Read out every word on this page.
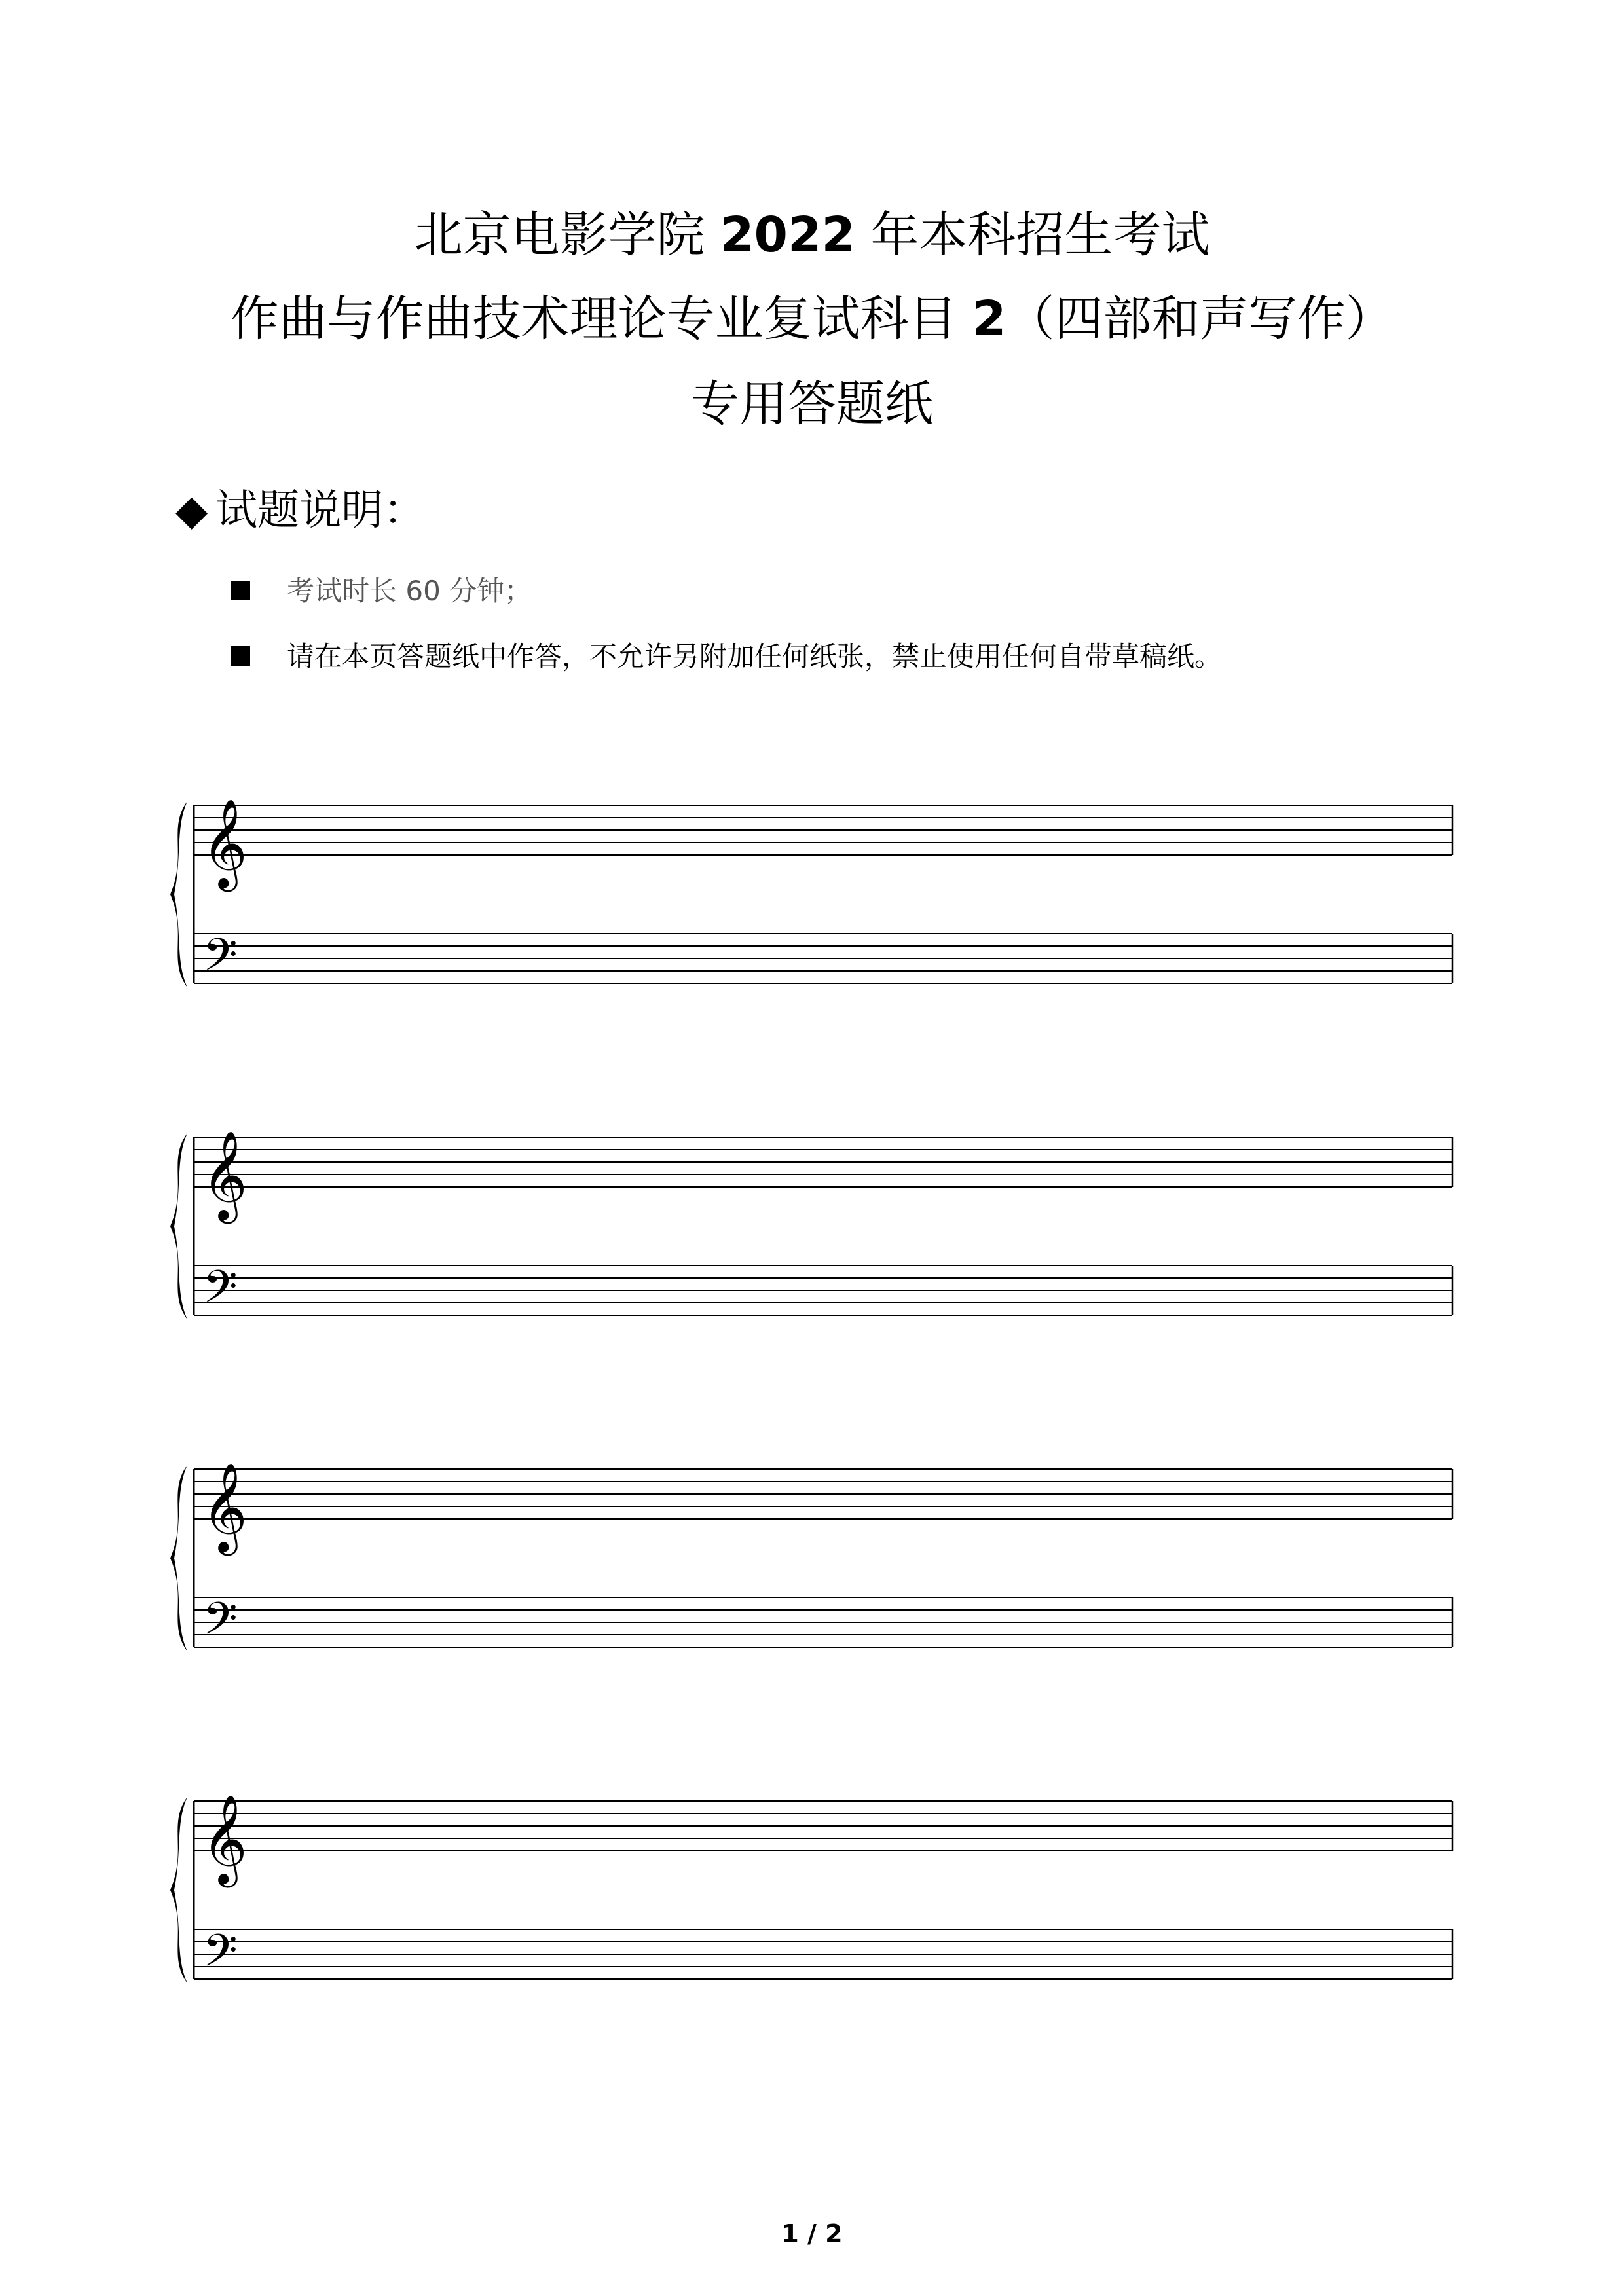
北京电影学院 2022 年本科招生考试
作曲与作曲技术理论专业复试科目 2（四部和声写作）
专用答题纸
◆ 试题说明：
考试时长 60 分钟；
请在本页答题纸中作答，不允许另附加任何纸张，禁止使用任何自带草稿纸。
𝄞
𝄢
𝄞
𝄢
𝄞
𝄢
𝄞
𝄢
1 / 2
